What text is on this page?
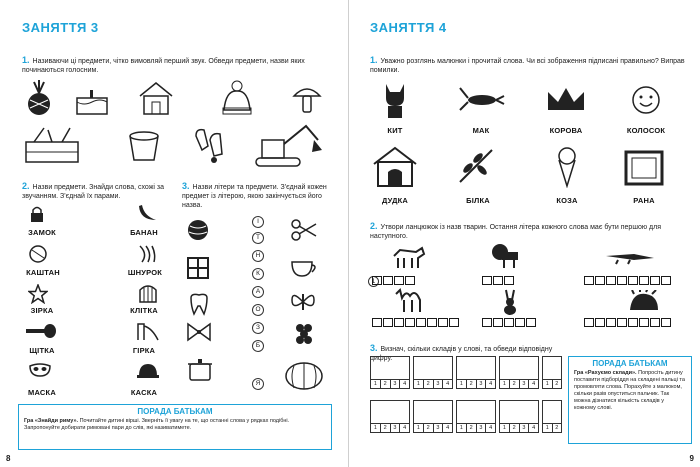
ЗАНЯТТЯ 3
1. Називаючи ці предмети, чітко вимовляй перший звук. Обведи предмети, назви яких починаються голосним.
2. Назви предмети. Знайди слова, схожі за звучанням. З'єднай їх парами.
3. Назви літери та предмети. З'єднай кожен предмет із літерою, якою закінчується його назва.
ЗАМОК
КАШТАН
ЗІРКА
ЩІТКА
МАСКА
БАНАН
ШНУРОК
КЛІТКА
ГІРКА
КАСКА
І
Т
Н
К
А
О
З
Б
Я
ПОРАДА БАТЬКАМ
Гра «Знайди риму». Почитайте дитині вірші. Зверніть її увагу на те, що останні слова у рядках подібні. Запропонуйте добирати римовані пари до слів, які називатимете.
8
ЗАНЯТТЯ 4
1. Уважно розглянь малюнки і прочитай слова. Чи всі зображення підписані правильно? Виправ помилки.
КИТ	МАК	КОРОВА	КОЛОСОК
ДУДКА	БІЛКА	КОЗА	РАНА
2. Утвори ланцюжок із назв тварин. Остання літера кожного слова має бути першою для наступного.
1
3. Визнач, скільки складів у слові, та обведи відповідну цифру.
1	2	3	4	1	2	3	4	1	2	3	4	1	2	3	4	1	2
1	2	3	4	1	2	3	4	1	2	3	4	1	2	3	4	1	2
ПОРАДА БАТЬКАМ
Гра «Рахуємо склади». Попросіть дитину поставити підборіддя на складені пальці та промовляти слова. Порахуйте з малюком, скільки разів опуститься пальчик. Так можна дізнатися кількість складів у кожному слові.
9
